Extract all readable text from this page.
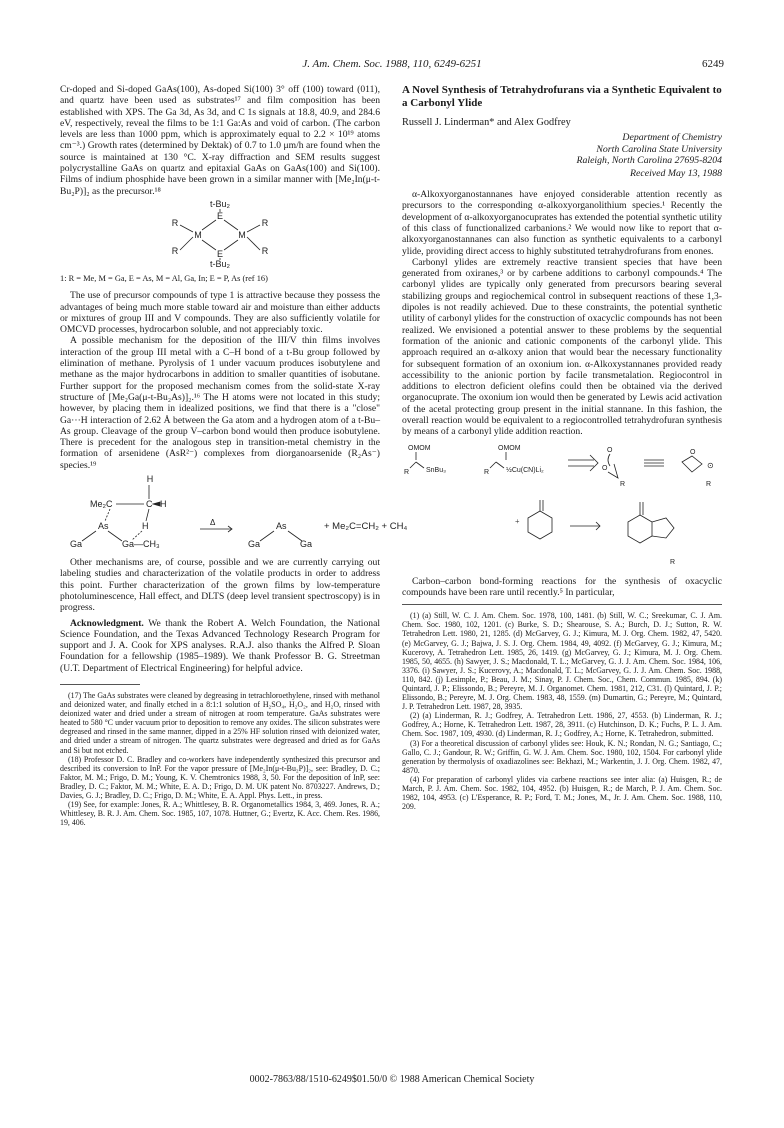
J. Am. Chem. Soc. 1988, 110, 6249-6251	6249

Cr-doped and Si-doped GaAs(100), As-doped Si(100) 3° off (100) toward (011), and quartz have been used as substrates¹⁷ and film composition has been established with XPS. The Ga 3d, As 3d, and C 1s signals at 18.8, 40.9, and 284.6 eV, respectively, reveal the films to be 1:1 Ga:As and void of carbon. (The carbon levels are less than 1000 ppm, which is approximately equal to 2.2 × 10¹⁹ atoms cm⁻³.) Growth rates (determined by Dektak) of 0.7 to 1.0 μm/h are found when the source is maintained at 130 °C. X-ray diffraction and SEM results suggest polycrystalline GaAs on quartz and epitaxial GaAs on GaAs(100) and Si(100). Films of indium phosphide have been grown in a similar manner with [Me₂In(μ-t-Bu₂P)]₂ as the precursor.¹⁸

t-Bu₂
t-Bu₂
E
E
M	M
R
R
R
R

1: R = Me, M = Ga, E = As, M = Al, Ga, In; E = P, As (ref 16)

The use of precursor compounds of type 1 is attractive because they possess the advantages of being much more stable toward air and moisture than either adducts or mixtures of group III and V compounds. They are also sufficiently volatile for OMCVD processes, hydrocarbon soluble, and not appreciably toxic.

A possible mechanism for the deposition of the III/V thin films involves interaction of the group III metal with a C–H bond of a t-Bu group followed by elimination of methane. Pyrolysis of 1 under vacuum produces isobutylene and methane as the major hydrocarbons in addition to smaller quantities of isobutane. Further support for the proposed mechanism comes from the solid-state X-ray structure of [Me₂Ga(μ-t-Bu₂As)]₂.¹⁶ The H atoms were not located in this study; however, by placing them in idealized positions, we find that there is a "close" Ga···H interaction of 2.62 Å between the Ga atom and a hydrogen atom of a t-Bu–As group. Cleavage of the group V–carbon bond would then produce isobutylene. There is precedent for the analogous step in transition-metal chemistry in the formation of arsenidene (AsR²⁻) complexes from diorganoarsenide (R₂As⁻) species.¹⁹

H
Me₂C	C H
As	H
Ga	Ga—CH₃
Δ	As
Ga	Ga
+ Me₂C=CH₂ + CH₄

Other mechanisms are, of course, possible and we are currently carrying out labeling studies and characterization of the volatile products in order to address this point. Further characterization of the grown films by low-temperature photoluminescence, Hall effect, and DLTS (deep level transient spectroscopy) is in progress.

Acknowledgment. We thank the Robert A. Welch Foundation, the National Science Foundation, and the Texas Advanced Technology Research Program for support and J. A. Cook for XPS analyses. R.A.J. also thanks the Alfred P. Sloan Foundation for a fellowship (1985–1989). We thank Professor B. G. Streetman (U.T. Department of Electrical Engineering) for helpful advice.

(17) The GaAs substrates were cleaned by degreasing in tetrachloroethylene, rinsed with methanol and deionized water, and finally etched in a 8:1:1 solution of H₂SO₄, H₂O₂, and H₂O, rinsed with deionized water and dried under a stream of nitrogen at room temperature. GaAs substrates were heated to 580 °C under vacuum prior to deposition to remove any oxides. The silicon substrates were degreased and rinsed in the same manner, dipped in a 25% HF solution rinsed with deionized water, and dried under a stream of nitrogen. The quartz substrates were degreased and dried as for GaAs and Si but not etched.

(18) Professor D. C. Bradley and co-workers have independently synthesized this precursor and described its conversion to InP. For the vapor pressure of [Me₂In(μ-t-Bu₂P)]₂, see: Bradley, D. C.; Faktor, M. M.; Frigo, D. M.; Young, K. V. Chemtronics 1988, 3, 50. For the deposition of InP, see: Bradley, D. C.; Faktor, M. M.; White, E. A. D.; Frigo, D. M. UK patent No. 8703227. Andrews, D.; Davies, G. J.; Bradley, D. C.; Frigo, D. M.; White, E. A. Appl. Phys. Lett., in press.

(19) See, for example: Jones, R. A.; Whittlesey, B. R. Organometallics 1984, 3, 469. Jones, R. A.; Whittlesey, B. R. J. Am. Chem. Soc. 1985, 107, 1078. Huttner, G.; Evertz, K. Acc. Chem. Res. 1986, 19, 406.

A Novel Synthesis of Tetrahydrofurans via a Synthetic Equivalent to a Carbonyl Ylide

Russell J. Linderman* and Alex Godfrey

Department of Chemistry
North Carolina State University
Raleigh, North Carolina 27695-8204

Received May 13, 1988

α-Alkoxyorganostannanes have enjoyed considerable attention recently as precursors to the corresponding α-alkoxyorganolithium species.¹ Recently the development of α-alkoxyorganocuprates has extended the potential synthetic utility of this class of functionalized carbanions.² We would now like to report that α-alkoxyorganostannanes can also function as synthetic equivalents to a carbonyl ylide, providing direct access to highly substituted tetrahydrofurans from enones.

Carbonyl ylides are extremely reactive transient species that have been generated from oxiranes,³ or by carbene additions to carbonyl compounds.⁴ The carbonyl ylides are typically only generated from precursors bearing several stabilizing groups and regiochemical control in subsequent reactions of these 1,3-dipoles is not readily achieved. Due to these constraints, the potential synthetic utility of carbonyl ylides for the construction of oxacyclic compounds has not been realized. We envisioned a potential answer to these problems by the sequential formation of the anionic and cationic components of the carbonyl ylide. This approach required an α-alkoxy anion that would bear the necessary functionality for subsequent formation of an oxonium ion. α-Alkoxystannanes provided ready accessibility to the anionic portion by facile transmetalation. Regiocontrol in additions to electron deficient olefins could then be obtained via the derived organocuprate. The oxonium ion would then be generated by Lewis acid activation of the acetal protecting group present in the initial stannane. In this fashion, the overall reaction would be equivalent to a regiocontrolled tetrahydrofuran synthesis by means of a carbonyl ylide addition reaction.

OMOM
SnBu₃
R
OMOM
½Cu(CN)Li₂
R
R	R
O
O
O
⊙
R
+

Carbon–carbon bond-forming reactions for the synthesis of oxacyclic compounds have been rare until recently.⁵ In particular,

(1) (a) Still, W. C. J. Am. Chem. Soc. 1978, 100, 1481. (b) Still, W. C.; Sreekumar, C. J. Am. Chem. Soc. 1980, 102, 1201. (c) Burke, S. D.; Shearouse, S. A.; Burch, D. J.; Sutton, R. W. Tetrahedron Lett. 1980, 21, 1285. (d) McGarvey, G. J.; Kimura, M. J. Org. Chem. 1982, 47, 5420. (e) McGarvey, G. J.; Bajwa, J. S. J. Org. Chem. 1984, 49, 4092. (f) McGarvey, G. J.; Kimura, M.; Kucerovy, A. Tetrahedron Lett. 1985, 26, 1419. (g) McGarvey, G. J.; Kimura, M. J. Org. Chem. 1985, 50, 4655. (h) Sawyer, J. S.; Macdonald, T. L.; McGarvey, G. J. J. Am. Chem. Soc. 1984, 106, 3376. (i) Sawyer, J. S.; Kucerovy, A.; Macdonald, T. L.; McGarvey, G. J. J. Am. Chem. Soc. 1988, 110, 842. (j) Lesimple, P.; Beau, J. M.; Sinay, P. J. Chem. Soc., Chem. Commun. 1985, 894. (k) Quintard, J. P.; Elissondo, B.; Pereyre, M. J. Organomet. Chem. 1981, 212, C31. (l) Quintard, J. P.; Elissondo, B.; Pereyre, M. J. Org. Chem. 1983, 48, 1559. (m) Dumartin, G.; Pereyre, M.; Quintard, J. P. Tetrahedron Lett. 1987, 28, 3935.

(2) (a) Linderman, R. J.; Godfrey, A. Tetrahedron Lett. 1986, 27, 4553. (b) Linderman, R. J.; Godfrey, A.; Horne, K. Tetrahedron Lett. 1987, 28, 3911. (c) Hutchinson, D. K.; Fuchs, P. L. J. Am. Chem. Soc. 1987, 109, 4930. (d) Linderman, R. J.; Godfrey, A.; Horne, K. Tetrahedron, submitted.

(3) For a theoretical discussion of carbonyl ylides see: Houk, K. N.; Rondan, N. G.; Santiago, C.; Gallo, C. J.; Gandour, R. W.; Griffin, G. W. J. Am. Chem. Soc. 1980, 102, 1504. For carbonyl ylide generation by thermolysis of oxadiazolines see: Bekhazi, M.; Warkentin, J. J. Org. Chem. 1982, 47, 4870.

(4) For preparation of carbonyl ylides via carbene reactions see inter alia: (a) Huisgen, R.; de March, P. J. Am. Chem. Soc. 1982, 104, 4952. (b) Huisgen, R.; de March, P. J. Am. Chem. Soc. 1982, 104, 4953. (c) L'Esperance, R. P.; Ford, T. M.; Jones, M., Jr. J. Am. Chem. Soc. 1988, 110, 209.

0002-7863/88/1510-6249$01.50/0 © 1988 American Chemical Society
